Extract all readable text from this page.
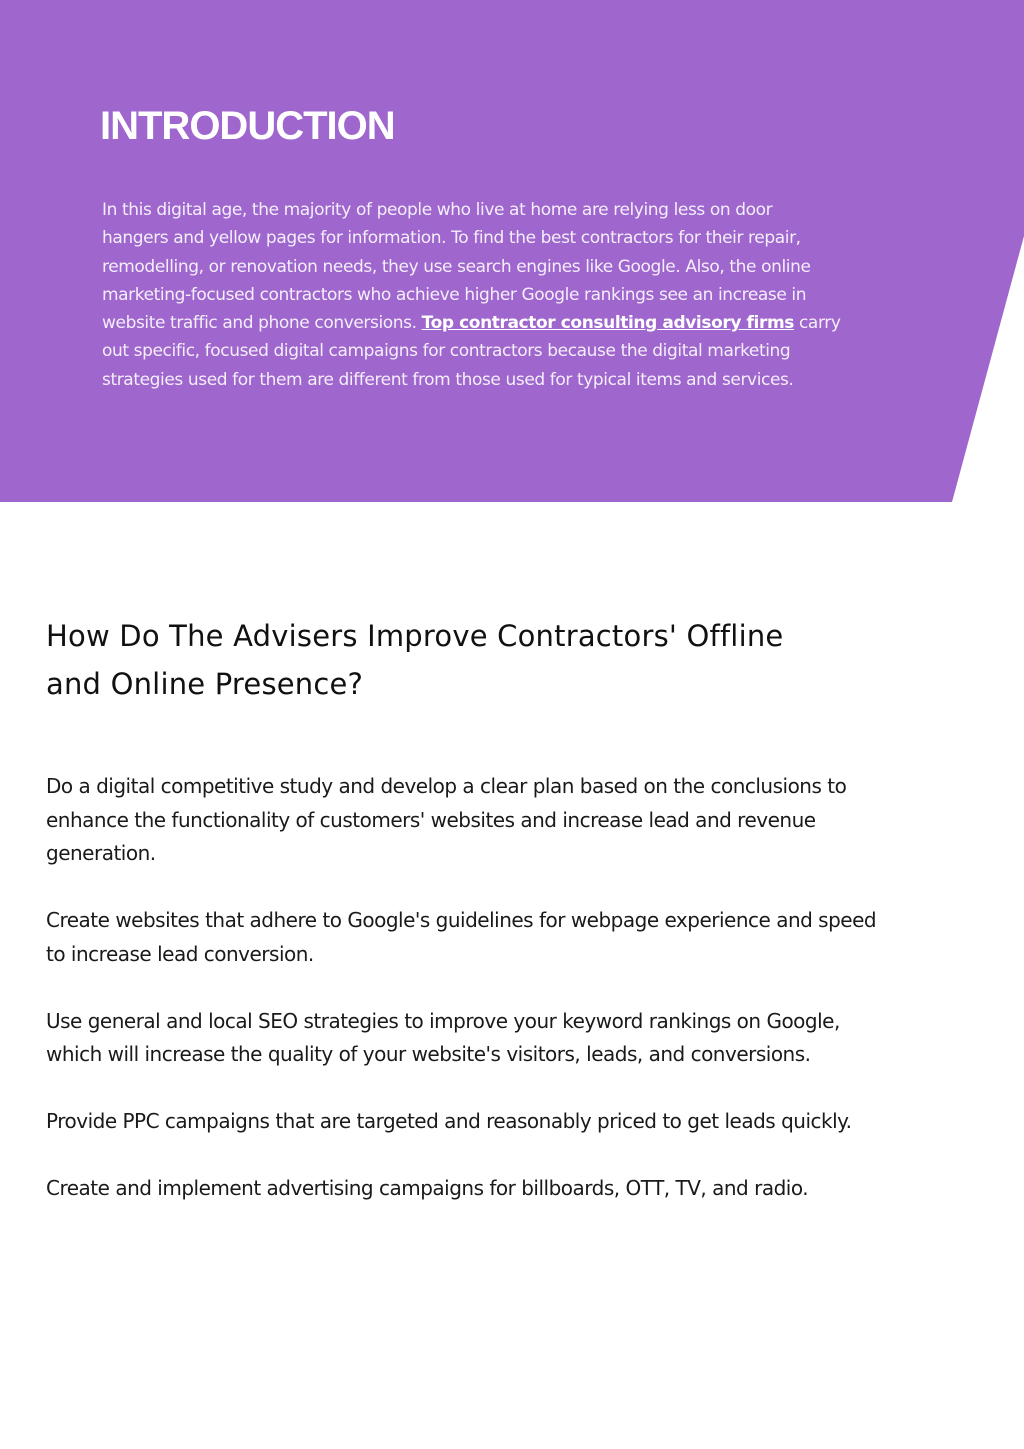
INTRODUCTION

In this digital age, the majority of people who live at home are relying less on door hangers and yellow pages for information. To find the best contractors for their repair, remodelling, or renovation needs, they use search engines like Google. Also, the online marketing-focused contractors who achieve higher Google rankings see an increase in website traffic and phone conversions. Top contractor consulting advisory firms carry out specific, focused digital campaigns for contractors because the digital marketing strategies used for them are different from those used for typical items and services.

How Do The Advisers Improve Contractors' Offline and Online Presence?
Do a digital competitive study and develop a clear plan based on the conclusions to enhance the functionality of customers' websites and increase lead and revenue generation.
Create websites that adhere to Google's guidelines for webpage experience and speed to increase lead conversion.
Use general and local SEO strategies to improve your keyword rankings on Google, which will increase the quality of your website's visitors, leads, and conversions.
Provide PPC campaigns that are targeted and reasonably priced to get leads quickly.
Create and implement advertising campaigns for billboards, OTT, TV, and radio.
